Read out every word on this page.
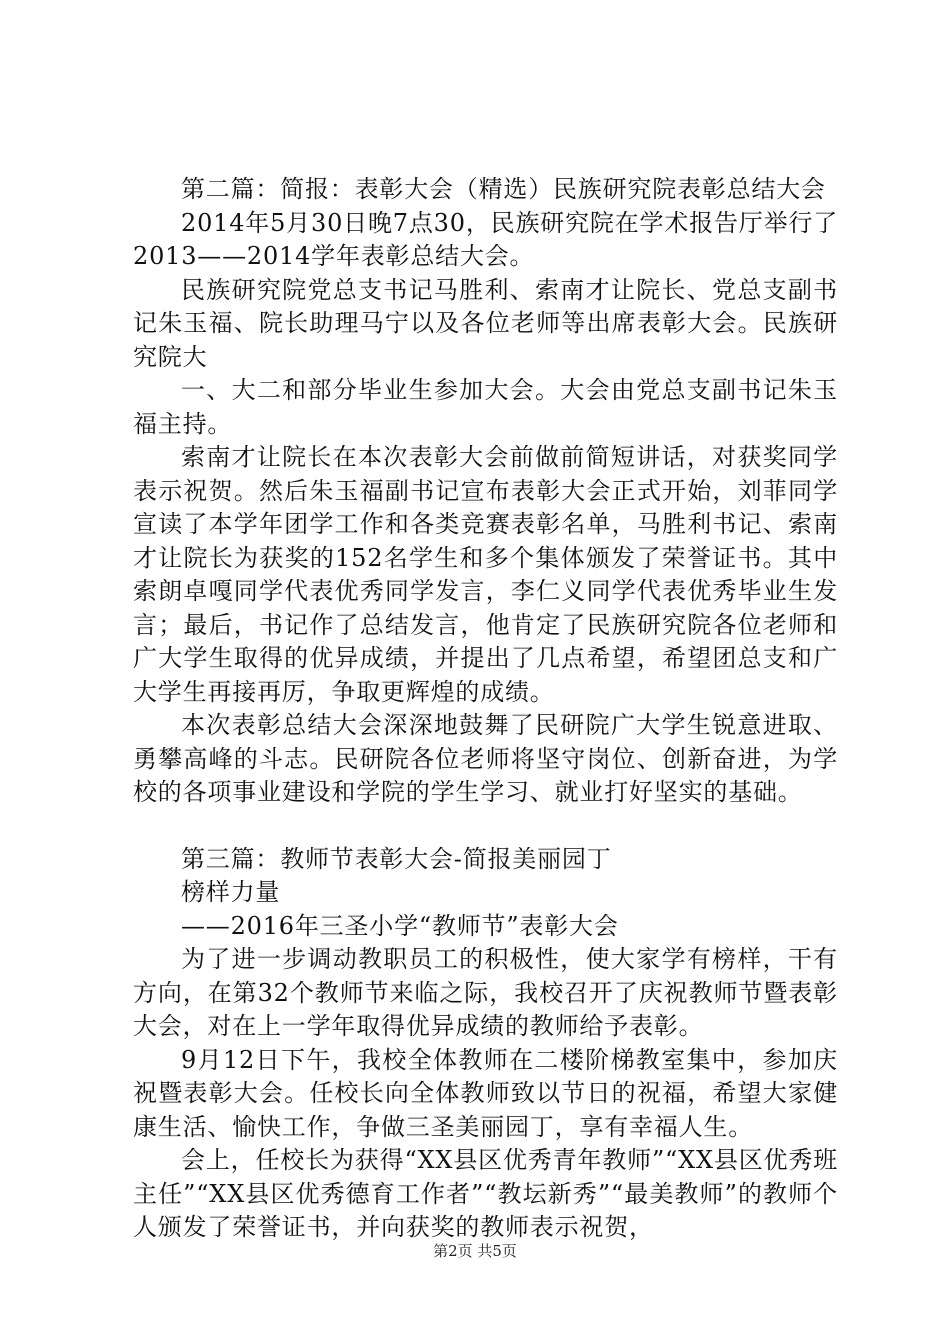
第二篇：简报：表彰大会（精选）民族研究院表彰总结大会

2014年5月30日晚7点30，民族研究院在学术报告厅举行了2013——2014学年表彰总结大会。

民族研究院党总支书记马胜利、索南才让院长、党总支副书记朱玉福、院长助理马宁以及各位老师等出席表彰大会。民族研究院大

一、大二和部分毕业生参加大会。大会由党总支副书记朱玉福主持。

索南才让院长在本次表彰大会前做前简短讲话，对获奖同学表示祝贺。然后朱玉福副书记宣布表彰大会正式开始，刘菲同学宣读了本学年团学工作和各类竞赛表彰名单，马胜利书记、索南才让院长为获奖的152名学生和多个集体颁发了荣誉证书。其中索朗卓嘎同学代表优秀同学发言，李仁义同学代表优秀毕业生发言；最后，书记作了总结发言，他肯定了民族研究院各位老师和广大学生取得的优异成绩，并提出了几点希望，希望团总支和广大学生再接再厉，争取更辉煌的成绩。

本次表彰总结大会深深地鼓舞了民研院广大学生锐意进取、勇攀高峰的斗志。民研院各位老师将坚守岗位、创新奋进，为学校的各项事业建设和学院的学生学习、就业打好坚实的基础。

第三篇：教师节表彰大会-简报美丽园丁

榜样力量

——2016年三圣小学“教师节”表彰大会

为了进一步调动教职员工的积极性，使大家学有榜样，干有方向，在第32个教师节来临之际，我校召开了庆祝教师节暨表彰大会，对在上一学年取得优异成绩的教师给予表彰。

9月12日下午，我校全体教师在二楼阶梯教室集中，参加庆祝暨表彰大会。任校长向全体教师致以节日的祝福，希望大家健康生活、愉快工作，争做三圣美丽园丁，享有幸福人生。

会上，任校长为获得“XX县区优秀青年教师”“XX县区优秀班主任”“XX县区优秀德育工作者”“教坛新秀”“最美教师”的教师个人颁发了荣誉证书，并向获奖的教师表示祝贺，

第2页 共5页
